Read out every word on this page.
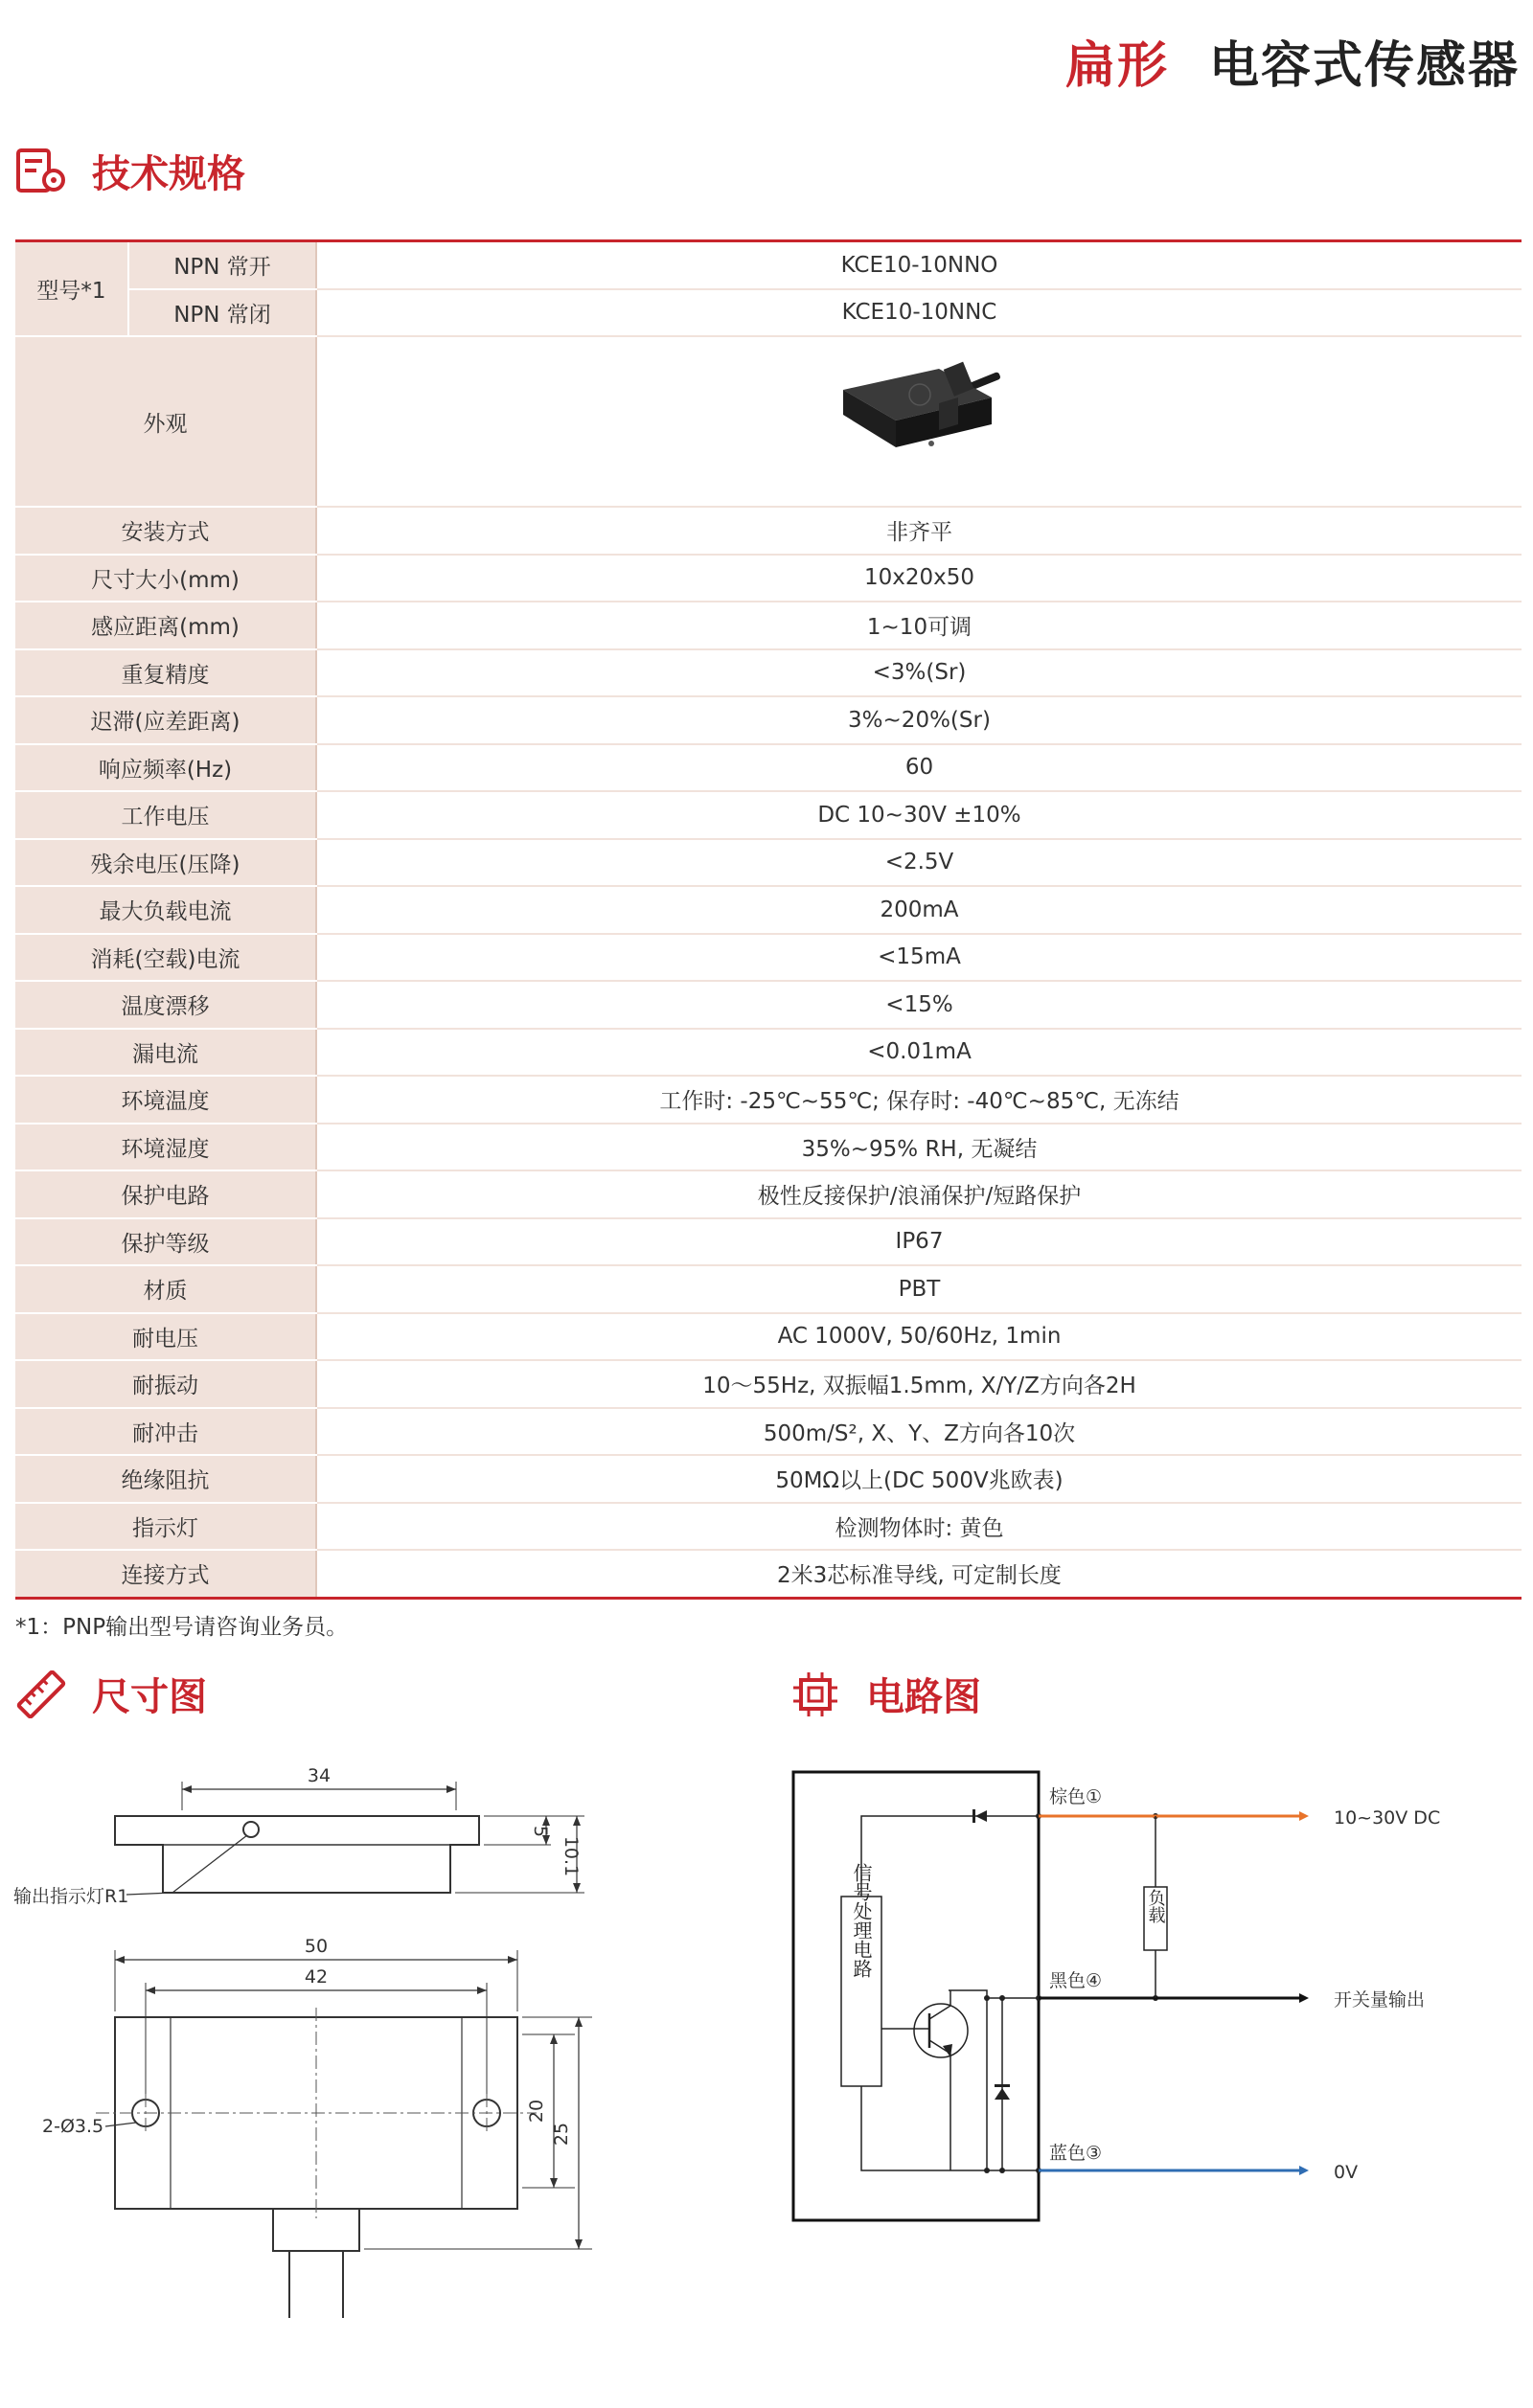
扁形 电容式传感器
技术规格
型号*1	NPN 常开	KCE10-10NNO
	NPN 常闭	KCE10-10NNC
外观	
安装方式		非齐平
尺寸大小(mm)		10x20x50
感应距离(mm)		1~10可调
重复精度		<3%(Sr)
迟滞(应差距离)		3%~20%(Sr)
响应频率(Hz)		60
工作电压		DC 10~30V ±10%
残余电压(压降)		<2.5V
最大负载电流		200mA
消耗(空载)电流		<15mA
温度漂移		<15%
漏电流		<0.01mA
环境温度		工作时: -25℃~55℃; 保存时: -40℃~85℃, 无冻结
环境湿度		35%~95% RH, 无凝结
保护电路		极性反接保护/浪涌保护/短路保护
保护等级		IP67
材质		PBT
耐电压		AC 1000V, 50/60Hz, 1min
耐振动		10～55Hz, 双振幅1.5mm, X/Y/Z方向各2H
耐冲击		500m/S², X、Y、Z方向各10次
绝缘阻抗		50MΩ以上(DC 500V兆欧表)
指示灯		检测物体时: 黄色
连接方式		2米3芯标准导线, 可定制长度
*1：PNP输出型号请咨询业务员。
尺寸图	电路图
34
5
10.1
输出指示灯R1
50
42
20
25
2-Ø3.5
棕色①
黑色④
蓝色③
10~30V DC
开关量输出
0V
信号处理电路	负载
